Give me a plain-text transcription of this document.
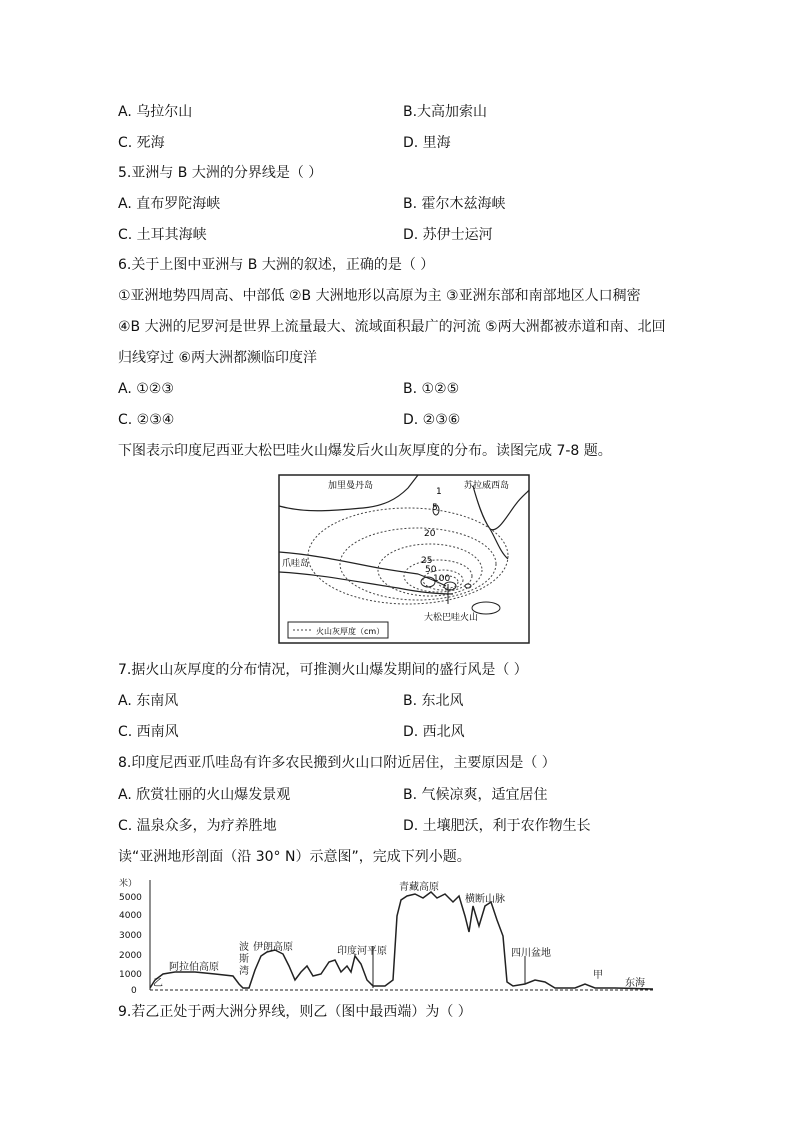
A. 乌拉尔山	B.大高加索山
C. 死海	D. 里海
5.亚洲与 B 大洲的分界线是（ ）
A. 直布罗陀海峡	B. 霍尔木兹海峡
C. 土耳其海峡	D. 苏伊士运河
6.关于上图中亚洲与 B 大洲的叙述，正确的是（ ）
①亚洲地势四周高、中部低 ②B 大洲地形以高原为主 ③亚洲东部和南部地区人口稠密
④B 大洲的尼罗河是世界上流量最大、流域面积最广的河流 ⑤两大洲都被赤道和南、北回
归线穿过 ⑥两大洲都濒临印度洋
A. ①②③	B. ①②⑤
C. ②③④	D. ②③⑥
下图表示印度尼西亚大松巴哇火山爆发后火山灰厚度的分布。读图完成 7-8 题。
加里曼丹岛	苏拉威西岛
爪哇岛
大松巴哇火山
1
5
20
25
50
100
火山灰厚度（cm）
7.据火山灰厚度的分布情况，可推测火山爆发期间的盛行风是（ ）
A. 东南风	B. 东北风
C. 西南风	D. 西北风
8.印度尼西亚爪哇岛有许多农民搬到火山口附近居住，主要原因是（ ）
A. 欣赏壮丽的火山爆发景观	B. 气候凉爽，适宜居住
C. 温泉众多，为疗养胜地	D. 土壤肥沃，利于农作物生长
读“亚洲地形剖面（沿 30° N）示意图”，完成下列小题。
米）
5000
4000
3000
2000
1000
0
乙
阿拉伯高原
波
斯
湾
伊朗高原	印度河平原
青藏高原
横断山脉
四川盆地
甲
东海
9.若乙正处于两大洲分界线，则乙（图中最西端）为（ ）
